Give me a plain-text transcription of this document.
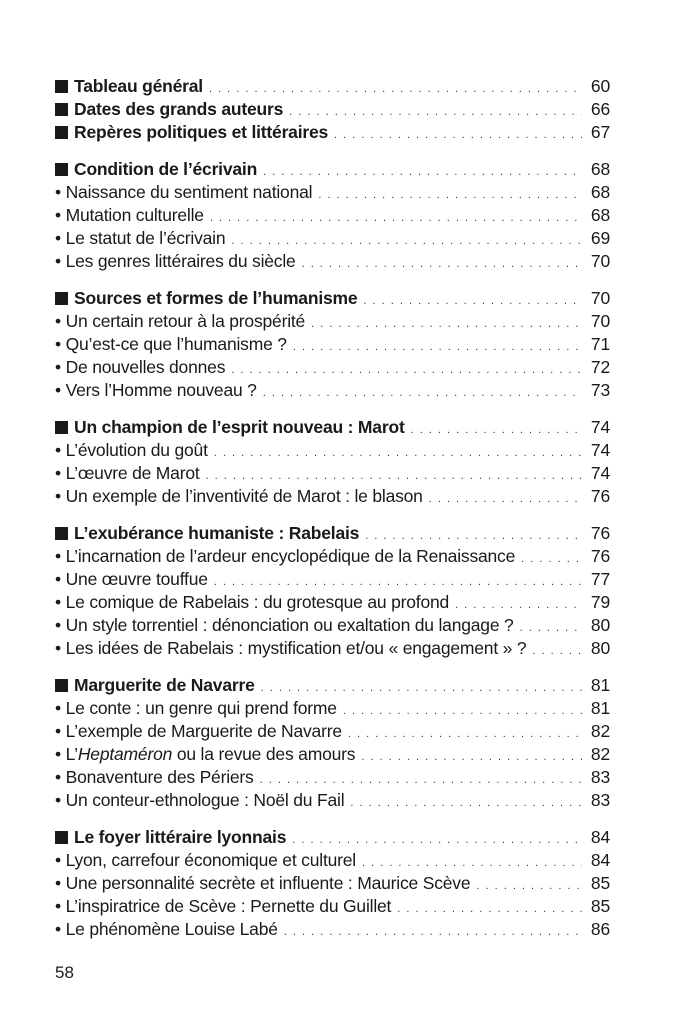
Tableau général . . .	60
Dates des grands auteurs . . .	66
Repères politiques et littéraires . . .	67
Condition de l’écrivain . . .	68
• Naissance du sentiment national . . .	68
• Mutation culturelle . . .	68
• Le statut de l’écrivain . . .	69
• Les genres littéraires du siècle . . .	70
Sources et formes de l’humanisme . . .	70
• Un certain retour à la prospérité . . .	70
• Qu’est-ce que l’humanisme ? . . .	71
• De nouvelles donnes . . .	72
• Vers l’Homme nouveau ? . . .	73
Un champion de l’esprit nouveau : Marot . . .	74
• L’évolution du goût . . .	74
• L’œuvre de Marot . . .	74
• Un exemple de l’inventivité de Marot : le blason . . .	76
L’exubérance humaniste : Rabelais . . .	76
• L’incarnation de l’ardeur encyclopédique de la Renaissance . . .	76
• Une œuvre touffue . . .	77
• Le comique de Rabelais : du grotesque au profond . . .	79
• Un style torrentiel : dénonciation ou exaltation du langage ? . . .	80
• Les idées de Rabelais : mystification et/ou « engagement » ? . . .	80
Marguerite de Navarre . . .	81
• Le conte : un genre qui prend forme . . .	81
• L’exemple de Marguerite de Navarre . . .	82
• L’Heptaméron ou la revue des amours . . .	82
• Bonaventure des Périers . . .	83
• Un conteur-ethnologue : Noël du Fail . . .	83
Le foyer littéraire lyonnais . . .	84
• Lyon, carrefour économique et culturel . . .	84
• Une personnalité secrète et influente : Maurice Scève . . .	85
• L’inspiratrice de Scève : Pernette du Guillet . . .	85
• Le phénomène Louise Labé . . .	86
58
